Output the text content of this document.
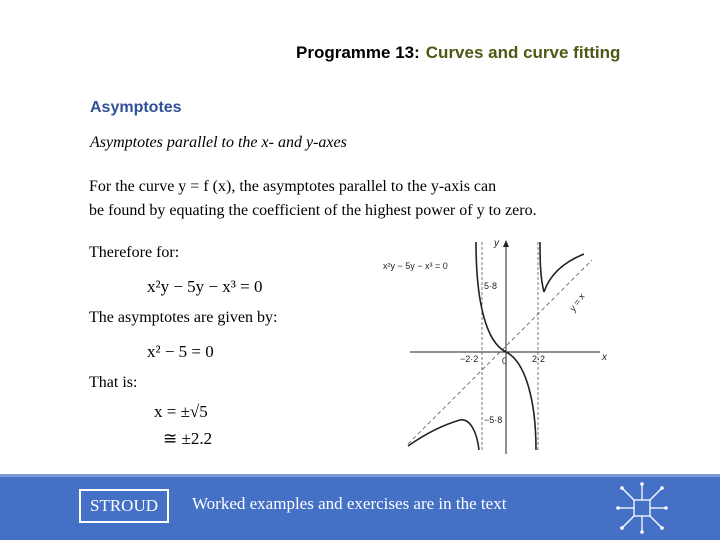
Programme 13: Curves and curve fitting
Asymptotes
Asymptotes parallel to the x- and y-axes
For the curve y = f (x), the asymptotes parallel to the y-axis can
be found by equating the coefficient of the highest power of y to zero.
Therefore for:
x²y − 5y − x³ = 0
The asymptotes are given by:
x² − 5 = 0
That is:
x = ±√5
≅ ±2.2
x²y − 5y − x³ = 0
y
x
5·8
−5·8
−2·2	2·2
0
y = x
STROUD	Worked examples and exercises are in the text
